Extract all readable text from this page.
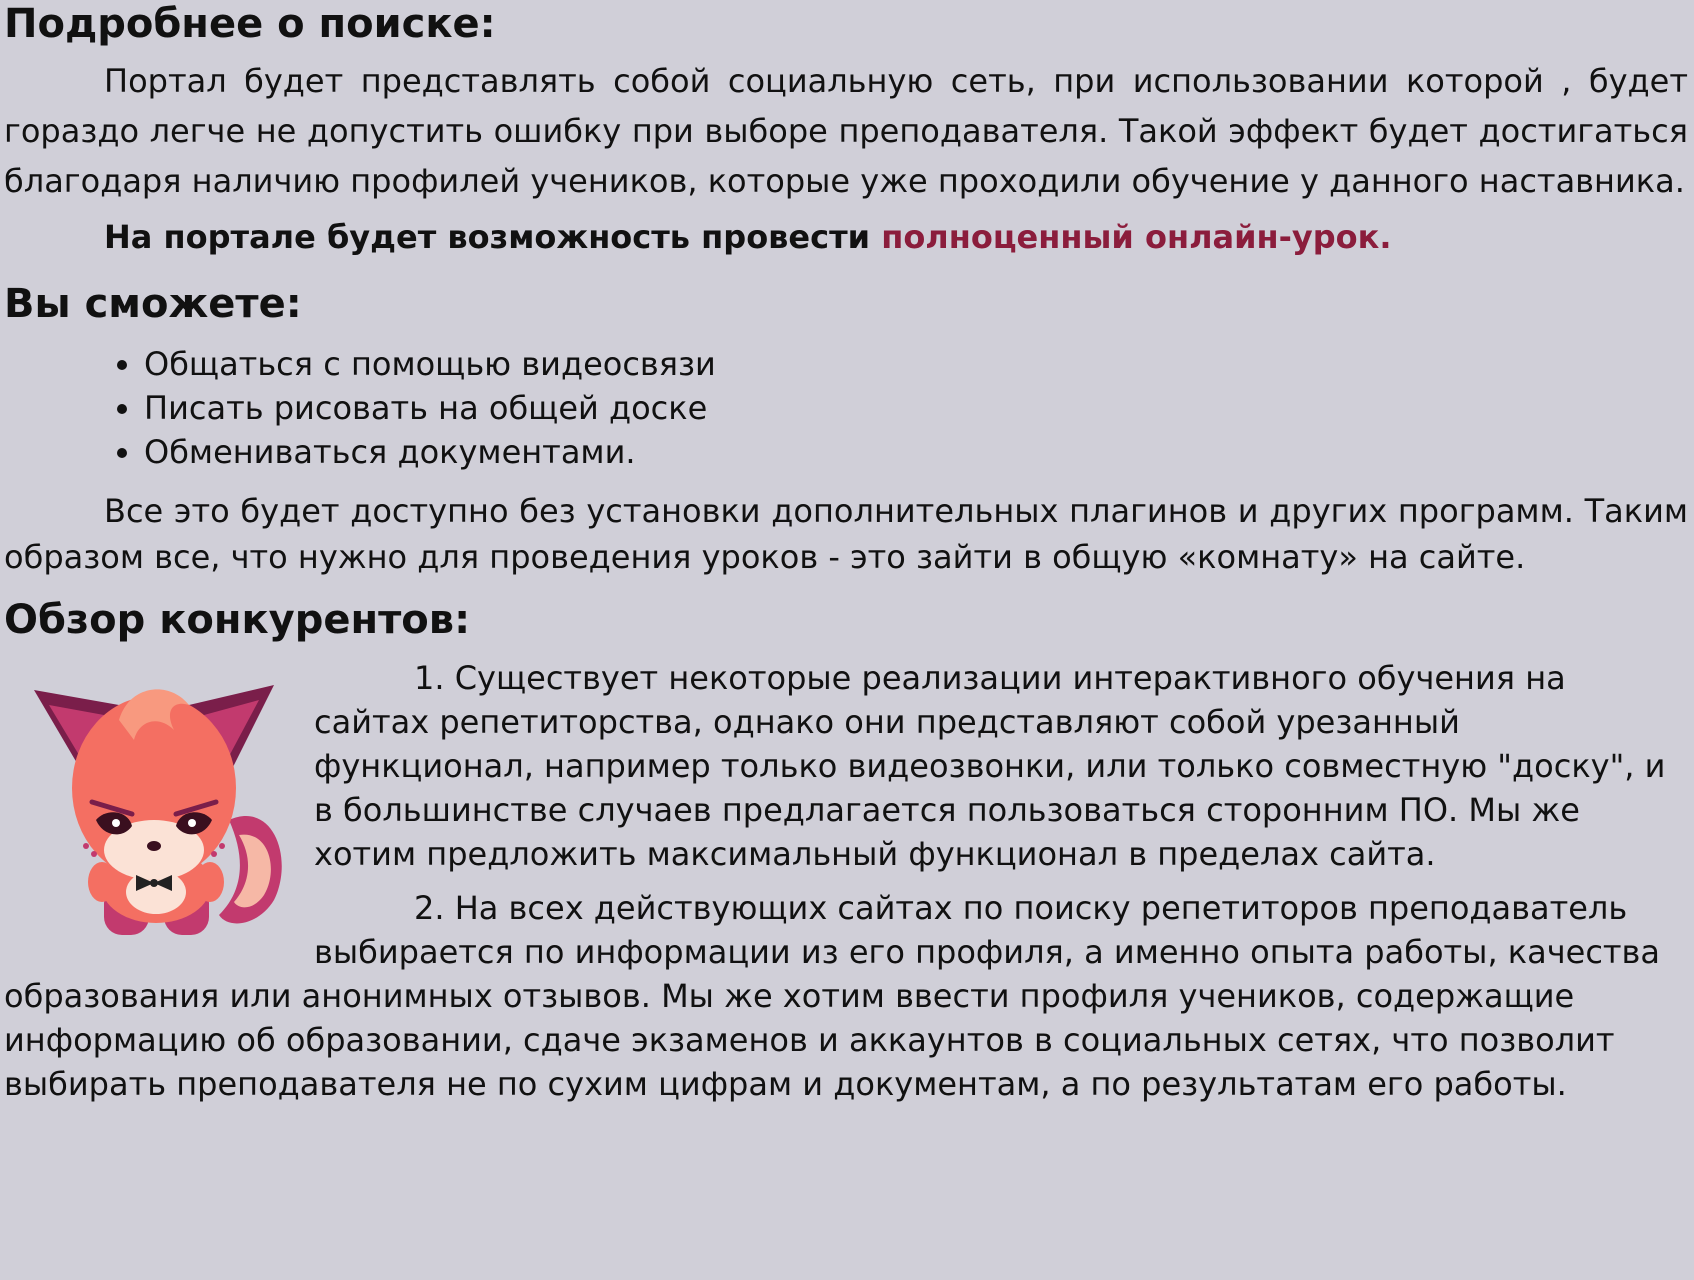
Подробнее о поиске:

Портал будет представлять собой социальную сеть, при использовании которой , будет гораздо легче не допустить ошибку при выборе преподавателя. Такой эффект будет достигаться благодаря наличию профилей учеников, которые уже проходили обучение у данного наставника.

На портале будет возможность провести полноценный онлайн-урок.

Вы сможете:
• Общаться с помощью видеосвязи
• Писать рисовать на общей доске
• Обмениваться документами.

Все это будет доступно без установки дополнительных плагинов и других программ. Таким образом все, что нужно для проведения уроков - это зайти в общую «комнату» на сайте.

Обзор конкурентов:

1. Существует некоторые реализации интерактивного обучения на сайтах репетиторства, однако они представляют собой урезанный функционал, например только видеозвонки, или только совместную "доску", и в большинстве случаев предлагается пользоваться сторонним ПО. Мы же хотим предложить максимальный функционал в пределах сайта.

2. На всех действующих сайтах по поиску репетиторов преподаватель выбирается по информации из его профиля, а именно опыта работы, качества образования или анонимных отзывов. Мы же хотим ввести профиля учеников, содержащие информацию об образовании, сдаче экзаменов и аккаунтов в социальных сетях, что позволит выбирать преподавателя не по сухим цифрам и документам, а по результатам его работы.
